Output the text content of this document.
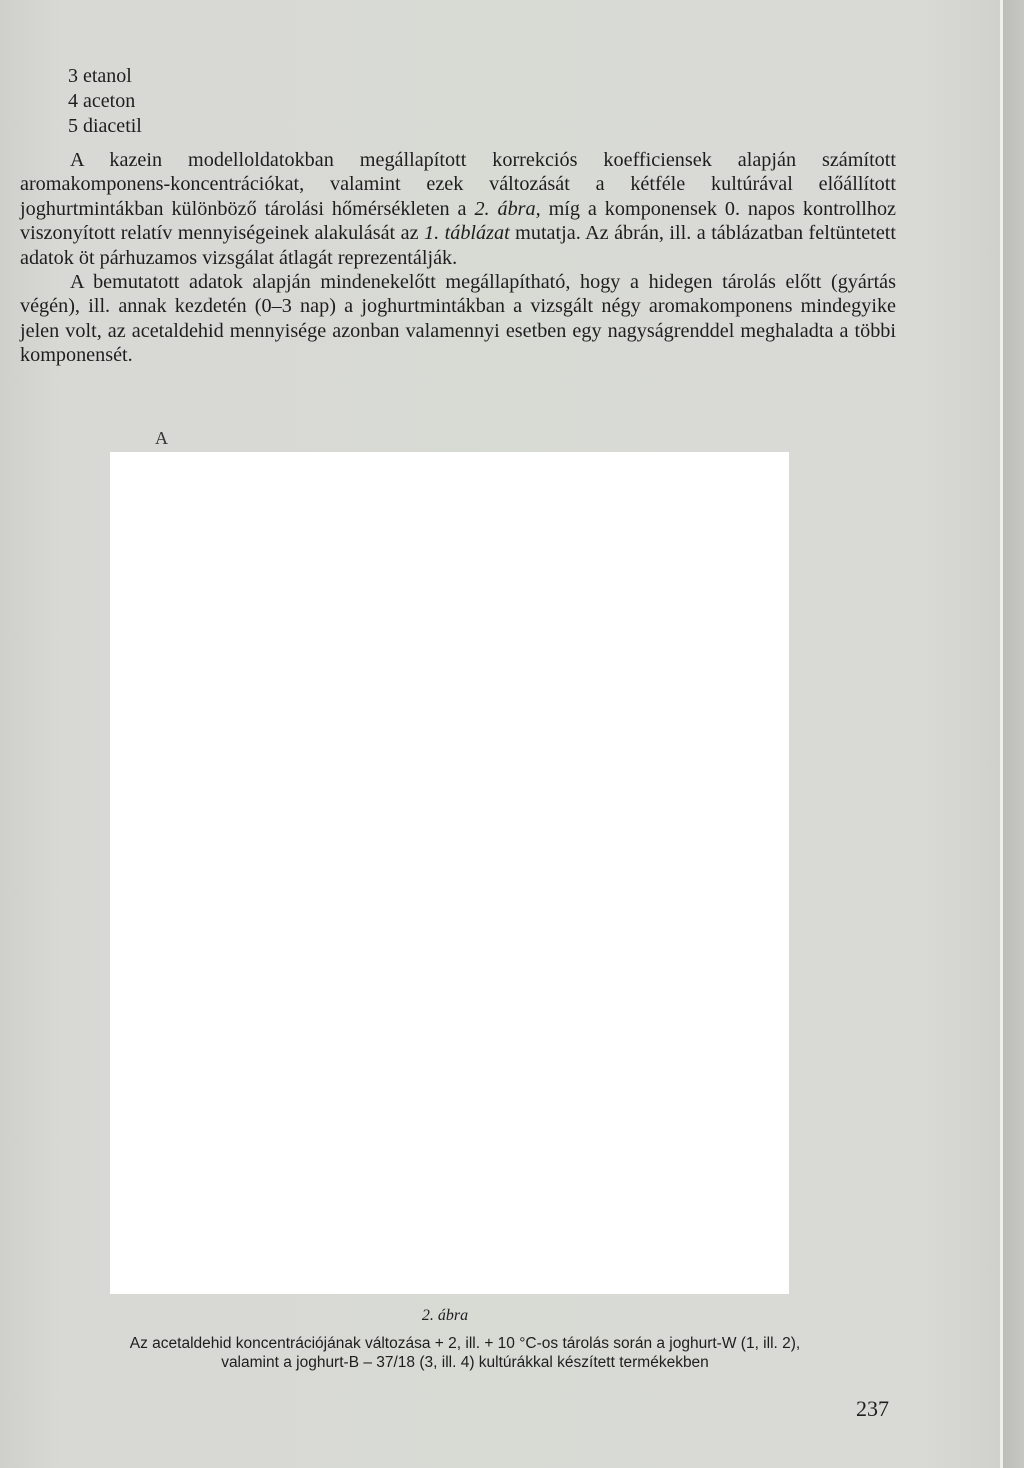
3 etanol
4 aceton
5 diacetil

A kazein modelloldatokban megállapított korrekciós koefficiensek alapján számított aromakomponens-koncentrációkat, valamint ezek változását a kétféle kultúrával előállított joghurtmintákban különböző tárolási hőmérsékleten a 2. ábra, míg a komponensek 0. napos kontrollhoz viszonyított relatív mennyiségeinek alakulását az 1. táblázat mutatja. Az ábrán, ill. a táblázatban feltüntetett adatok öt párhuzamos vizsgálat átlagát reprezentálják.

A bemutatott adatok alapján mindenekelőtt megállapítható, hogy a hidegen tárolás előtt (gyártás végén), ill. annak kezdetén (0–3 nap) a joghurtmintákban a vizsgált négy aromakomponens mindegyike jelen volt, az acetaldehid mennyisége azonban valamennyi esetben egy nagyságrenddel meghaladta a többi komponensét.

A
2. ábra
Az acetaldehid koncentrációjának változása + 2, ill. + 10 °C-os tárolás során a joghurt-W (1, ill. 2),
valamint a joghurt-B – 37/18 (3, ill. 4) kultúrákkal készített termékekben
237
